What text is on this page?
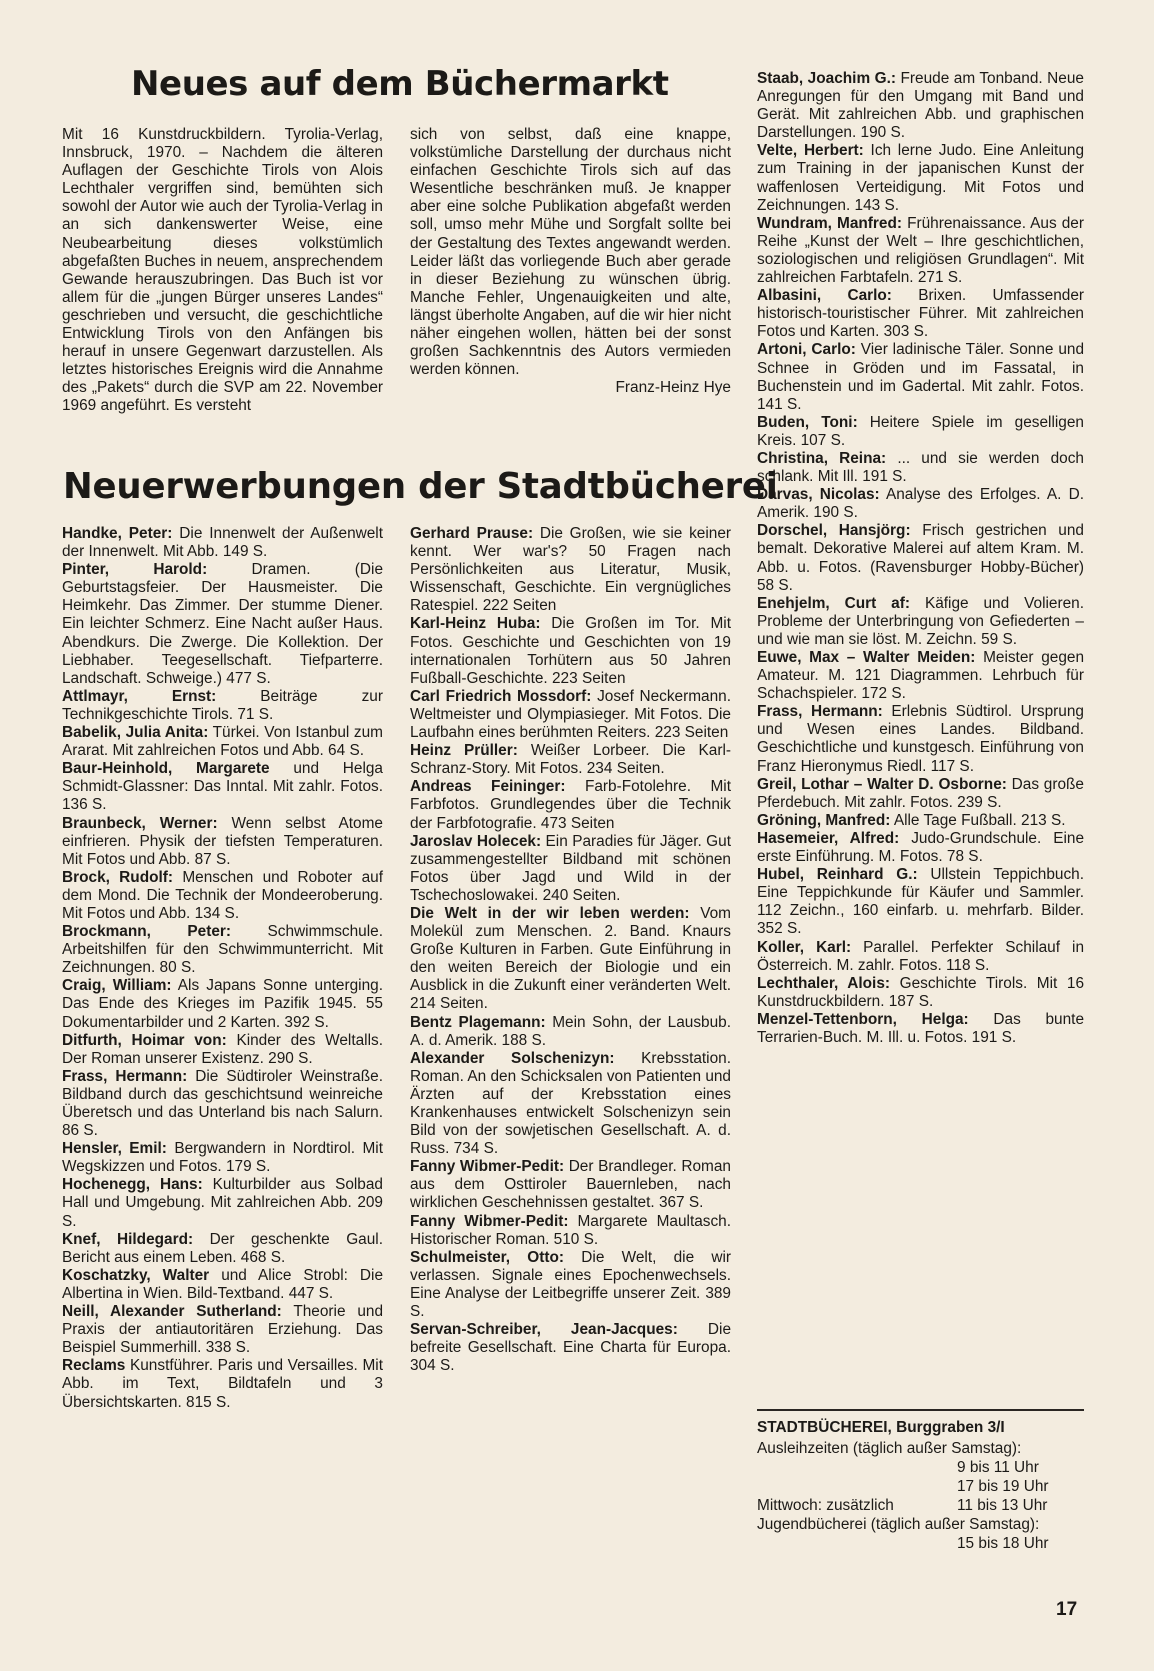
Neues auf dem Büchermarkt

Mit 16 Kunstdruckbildern. Tyrolia-Verlag, Innsbruck, 1970. – Nachdem die älteren Auflagen der Geschichte Tirols von Alois Lechthaler vergriffen sind, bemühten sich sowohl der Autor wie auch der Tyrolia-Verlag in an sich dankenswerter Weise, eine Neubearbeitung dieses volkstümlich abgefaßten Buches in neuem, ansprechendem Gewande herauszubringen. Das Buch ist vor allem für die „jungen Bürger unseres Landes“ geschrieben und versucht, die geschichtliche Entwicklung Tirols von den Anfängen bis herauf in unsere Gegenwart darzustellen. Als letztes historisches Ereignis wird die Annahme des „Pakets“ durch die SVP am 22. November 1969 angeführt. Es versteht

sich von selbst, daß eine knappe, volkstümliche Darstellung der durchaus nicht einfachen Geschichte Tirols sich auf das Wesentliche beschränken muß. Je knapper aber eine solche Publikation abgefaßt werden soll, umso mehr Mühe und Sorgfalt sollte bei der Gestaltung des Textes angewandt werden. Leider läßt das vorliegende Buch aber gerade in dieser Beziehung zu wünschen übrig. Manche Fehler, Ungenauigkeiten und alte, längst überholte Angaben, auf die wir hier nicht näher eingehen wollen, hätten bei der sonst großen Sachkenntnis des Autors vermieden werden können.

Franz-Heinz Hye

Neuerwerbungen der Stadtbücherei

Handke, Peter: Die Innenwelt der Außenwelt der Innenwelt. Mit Abb. 149 S.

Pinter, Harold:	Dramen. (Die Geburtstagsfeier. Der Hausmeister. Die Heimkehr. Das Zimmer. Der stumme Diener. Ein leichter Schmerz. Eine Nacht außer Haus. Abendkurs. Die Zwerge. Die Kollektion. Der Liebhaber. Teegesellschaft. Tiefparterre. Landschaft. Schweige.) 477 S.

Attlmayr, Ernst:	Beiträge zur Technikgeschichte Tirols. 71 S.

Babelik, Julia Anita: Türkei. Von Istanbul zum Ararat. Mit zahlreichen Fotos und Abb. 64 S.

Baur-Heinhold, Margarete und Helga Schmidt-Glassner: Das Inntal. Mit zahlr. Fotos. 136 S.

Braunbeck, Werner: Wenn selbst Atome einfrieren. Physik der tiefsten Temperaturen. Mit Fotos und Abb. 87 S.

Brock, Rudolf: Menschen und Roboter auf dem Mond. Die Technik der Mondeeroberung. Mit Fotos und Abb. 134 S.

Brockmann, Peter: Schwimmschule. Arbeitshilfen für den Schwimmunterricht. Mit Zeichnungen. 80 S.

Craig, William: Als Japans Sonne unterging. Das Ende des Krieges im Pazifik 1945. 55 Dokumentarbilder und 2 Karten. 392 S.

Ditfurth, Hoimar von: Kinder des Weltalls. Der Roman unserer Existenz. 290 S.

Frass, Hermann: Die Südtiroler Weinstraße. Bildband durch das geschichtsund weinreiche Überetsch und das Unterland bis nach Salurn. 86 S.

Hensler, Emil: Bergwandern in Nordtirol. Mit Wegskizzen und Fotos. 179 S.

Hochenegg, Hans: Kulturbilder aus Solbad Hall und Umgebung. Mit zahlreichen Abb. 209 S.

Knef, Hildegard: Der geschenkte Gaul. Bericht aus einem Leben. 468 S.

Koschatzky, Walter und Alice Strobl: Die Albertina in Wien. Bild-Textband. 447 S.

Neill, Alexander Sutherland: Theorie und Praxis der antiautoritären Erziehung. Das Beispiel Summerhill. 338 S.

Reclams Kunstführer. Paris und Versailles. Mit Abb. im Text, Bildtafeln und 3 Übersichtskarten. 815 S.

Gerhard Prause: Die Großen, wie sie keiner kennt. Wer war's? 50 Fragen nach Persönlichkeiten aus Literatur, Musik, Wissenschaft, Geschichte. Ein vergnügliches Ratespiel. 222 Seiten

Karl-Heinz Huba: Die Großen im Tor. Mit Fotos. Geschichte und Geschichten von 19 internationalen Torhütern aus 50 Jahren Fußball-Geschichte. 223 Seiten

Carl Friedrich Mossdorf: Josef Neckermann. Weltmeister und Olympiasieger. Mit Fotos. Die Laufbahn eines berühmten Reiters. 223 Seiten

Heinz Prüller: Weißer Lorbeer. Die Karl-Schranz-Story. Mit Fotos. 234 Seiten.

Andreas Feininger: Farb-Fotolehre. Mit Farbfotos. Grundlegendes über die Technik der Farbfotografie. 473 Seiten

Jaroslav Holecek: Ein Paradies für Jäger. Gut zusammengestellter Bildband mit schönen Fotos über Jagd und Wild in der Tschechoslowakei. 240 Seiten.

Die Welt in der wir leben werden: Vom Molekül zum Menschen. 2. Band. Knaurs Große Kulturen in Farben. Gute Einführung in den weiten Bereich der Biologie und ein Ausblick in die Zukunft einer veränderten Welt. 214 Seiten.

Bentz Plagemann: Mein Sohn, der Lausbub. A. d. Amerik. 188 S.

Alexander Solschenizyn: Krebsstation. Roman. An den Schicksalen von Patienten und Ärzten auf der Krebsstation eines Krankenhauses entwickelt Solschenizyn sein Bild von der sowjetischen Gesellschaft. A. d. Russ. 734 S.

Fanny Wibmer-Pedit: Der Brandleger. Roman aus dem Osttiroler Bauernleben, nach wirklichen Geschehnissen gestaltet. 367 S.

Fanny Wibmer-Pedit: Margarete Maultasch. Historischer Roman. 510 S.

Schulmeister, Otto: Die Welt, die wir verlassen. Signale eines Epochenwechsels. Eine Analyse der Leitbegriffe unserer Zeit. 389 S.

Servan-Schreiber, Jean-Jacques: Die befreite Gesellschaft. Eine Charta für Europa. 304 S.

Staab, Joachim G.: Freude am Tonband. Neue Anregungen für den Umgang mit Band und Gerät. Mit zahlreichen Abb. und graphischen Darstellungen. 190 S.

Velte, Herbert: Ich lerne Judo. Eine Anleitung zum Training in der japanischen Kunst der waffenlosen Verteidigung. Mit Fotos und Zeichnungen. 143 S.

Wundram, Manfred: Frührenaissance. Aus der Reihe „Kunst der Welt – Ihre geschichtlichen, soziologischen und religiösen Grundlagen“. Mit zahlreichen Farbtafeln. 271 S.

Albasini, Carlo: Brixen. Umfassender historisch-touristischer Führer. Mit zahlreichen Fotos und Karten. 303 S.

Artoni, Carlo: Vier ladinische Täler. Sonne und Schnee in Gröden und im Fassatal, in Buchenstein und im Gadertal. Mit zahlr. Fotos. 141 S.

Buden, Toni: Heitere Spiele im geselligen Kreis. 107 S.

Christina, Reina: ... und sie werden doch schlank. Mit Ill. 191 S.

Darvas, Nicolas: Analyse des Erfolges. A. D. Amerik. 190 S.

Dorschel, Hansjörg: Frisch gestrichen und bemalt. Dekorative Malerei auf altem Kram. M. Abb. u. Fotos. (Ravensburger Hobby-Bücher) 58 S.

Enehjelm, Curt af: Käfige und Volieren. Probleme der Unterbringung von Gefiederten – und wie man sie löst. M. Zeichn. 59 S.

Euwe, Max – Walter Meiden: Meister gegen Amateur. M. 121 Diagrammen. Lehrbuch für Schachspieler. 172 S.

Frass, Hermann: Erlebnis Südtirol. Ursprung und Wesen eines Landes. Bildband. Geschichtliche und kunstgesch. Einführung von Franz Hieronymus Riedl. 117 S.

Greil, Lothar – Walter D. Osborne: Das große Pferdebuch. Mit zahlr. Fotos. 239 S.

Gröning, Manfred: Alle Tage Fußball. 213 S.

Hasemeier, Alfred: Judo-Grundschule. Eine erste Einführung. M. Fotos. 78 S.

Hubel, Reinhard G.: Ullstein Teppichbuch. Eine Teppichkunde für Käufer und Sammler. 112 Zeichn., 160 einfarb. u. mehrfarb. Bilder. 352 S.

Koller, Karl: Parallel. Perfekter Schilauf in Österreich. M. zahlr. Fotos. 118 S.

Lechthaler, Alois: Geschichte Tirols. Mit 16 Kunstdruckbildern. 187 S.

Menzel-Tettenborn, Helga: Das bunte Terrarien-Buch. M. Ill. u. Fotos. 191 S.

STADTBÜCHEREI, Burggraben 3/I
Ausleihzeiten (täglich außer Samstag):
9 bis 11 Uhr
17 bis 19 Uhr
Mittwoch: zusätzlich	11 bis 13 Uhr
Jugendbücherei (täglich außer Samstag):
15 bis 18 Uhr
17
